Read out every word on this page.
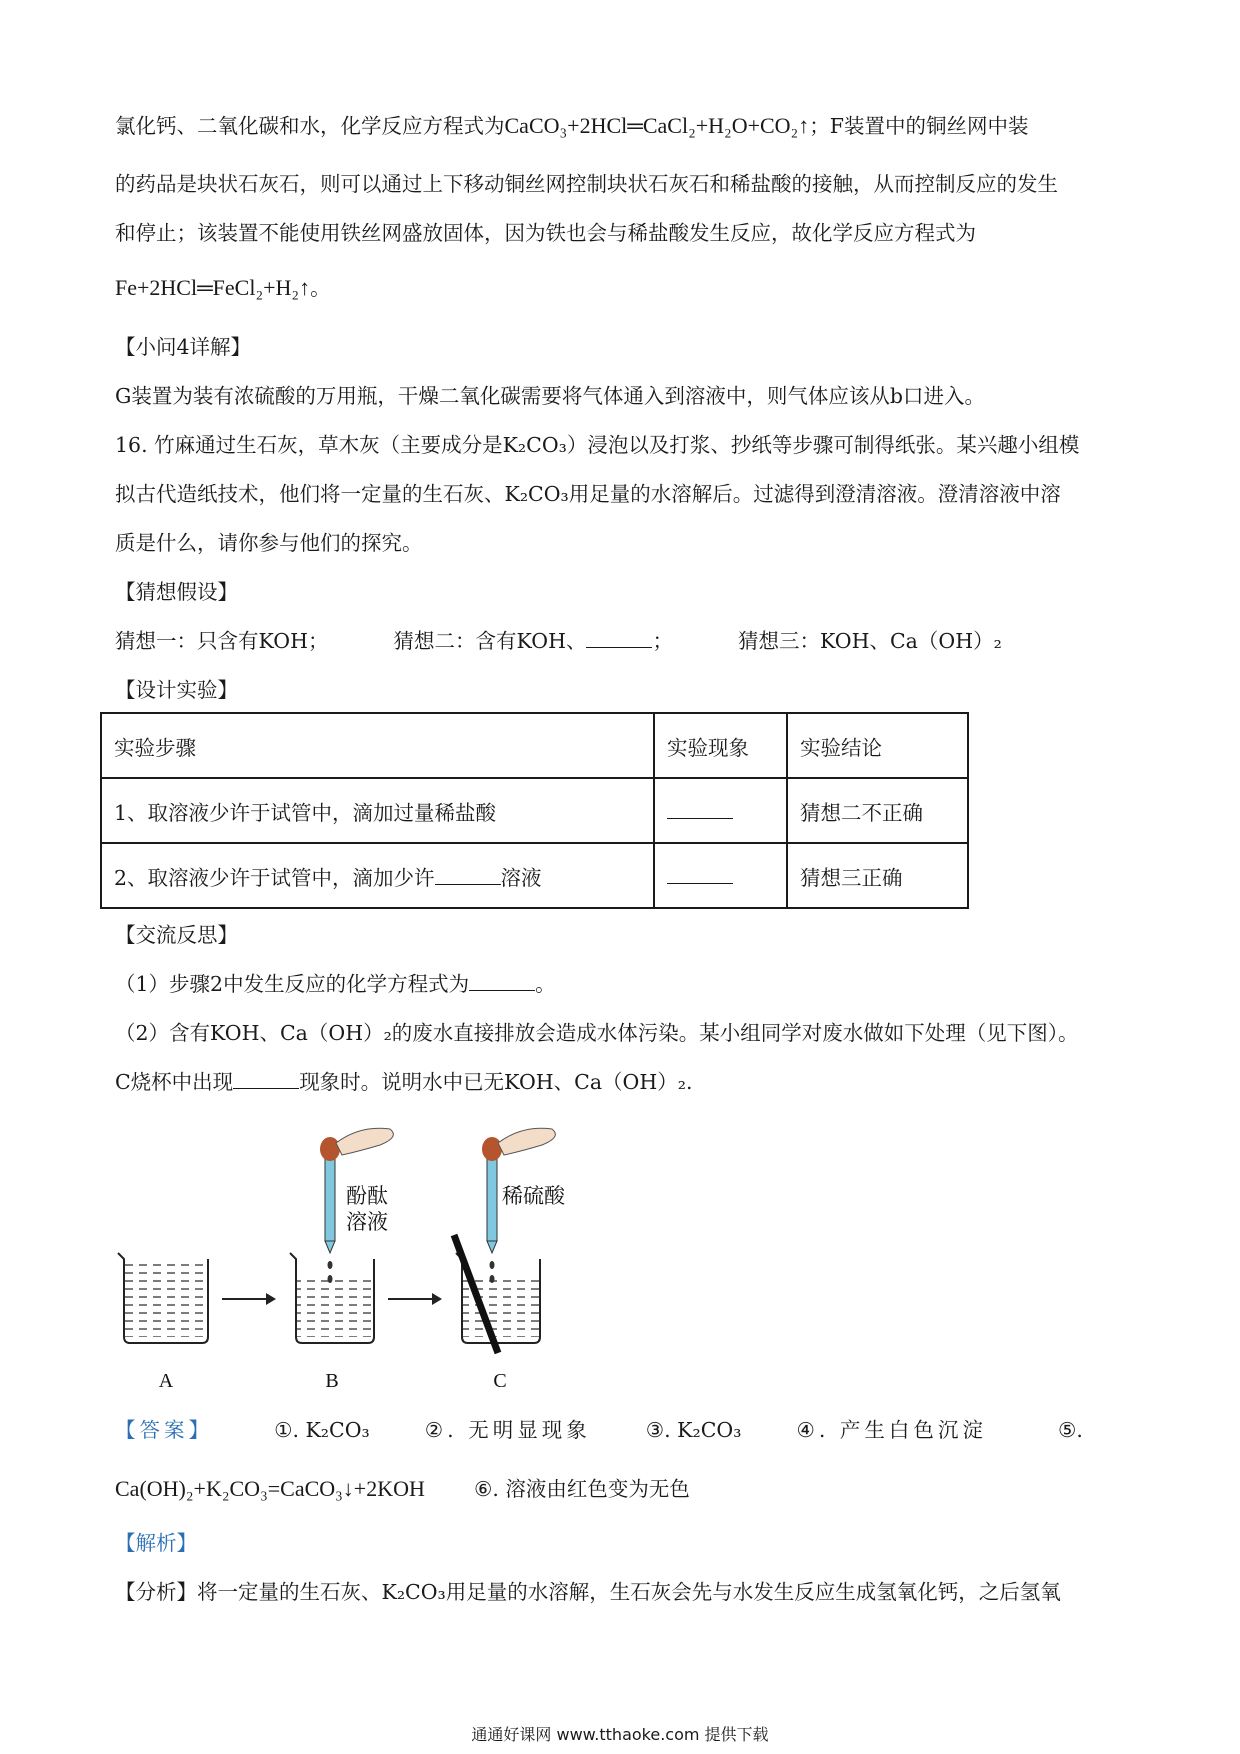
氯化钙、二氧化碳和水，化学反应方程式为CaCO₃+2HCl═CaCl₂+H₂O+CO₂↑；F装置中的铜丝网中装
的药品是块状石灰石，则可以通过上下移动铜丝网控制块状石灰石和稀盐酸的接触，从而控制反应的发生
和停止；该装置不能使用铁丝网盛放固体，因为铁也会与稀盐酸发生反应，故化学反应方程式为
Fe+2HCl═FeCl₂+H₂↑。
【小问4详解】
G装置为装有浓硫酸的万用瓶，干燥二氧化碳需要将气体通入到溶液中，则气体应该从b口进入。
16. 竹麻通过生石灰，草木灰（主要成分是K₂CO₃）浸泡以及打浆、抄纸等步骤可制得纸张。某兴趣小组模
拟古代造纸技术，他们将一定量的生石灰、K₂CO₃用足量的水溶解后。过滤得到澄清溶液。澄清溶液中溶
质是什么，请你参与他们的探究。
【猜想假设】
猜想一：只含有KOH；	猜想二：含有KOH、	；	猜想三：KOH、Ca（OH）₂
【设计实验】
实验步骤	实验现象	实验结论
1、取溶液少许于试管中，滴加过量稀盐酸		猜想二不正确
2、取溶液少许于试管中，滴加少许 溶液		猜想三正确
【交流反思】
（1）步骤2中发生反应的化学方程式为	。
（2）含有KOH、Ca（OH）₂的废水直接排放会造成水体污染。某小组同学对废水做如下处理（见下图）。
C烧杯中出现	现象时。说明水中已无KOH、Ca（OH）₂.
酚酞
溶液
稀硫酸
A	B	C
【答案】	①. K₂CO₃	②. 无明显现象	③. K₂CO₃	④. 产生白色沉淀	⑤.
Ca(OH)₂+K₂CO₃=CaCO₃↓+2KOH ⑥. 溶液由红色变为无色
【解析】
【分析】将一定量的生石灰、K₂CO₃用足量的水溶解，生石灰会先与水发生反应生成氢氧化钙，之后氢氧
通通好课网 www.tthaoke.com 提供下载
